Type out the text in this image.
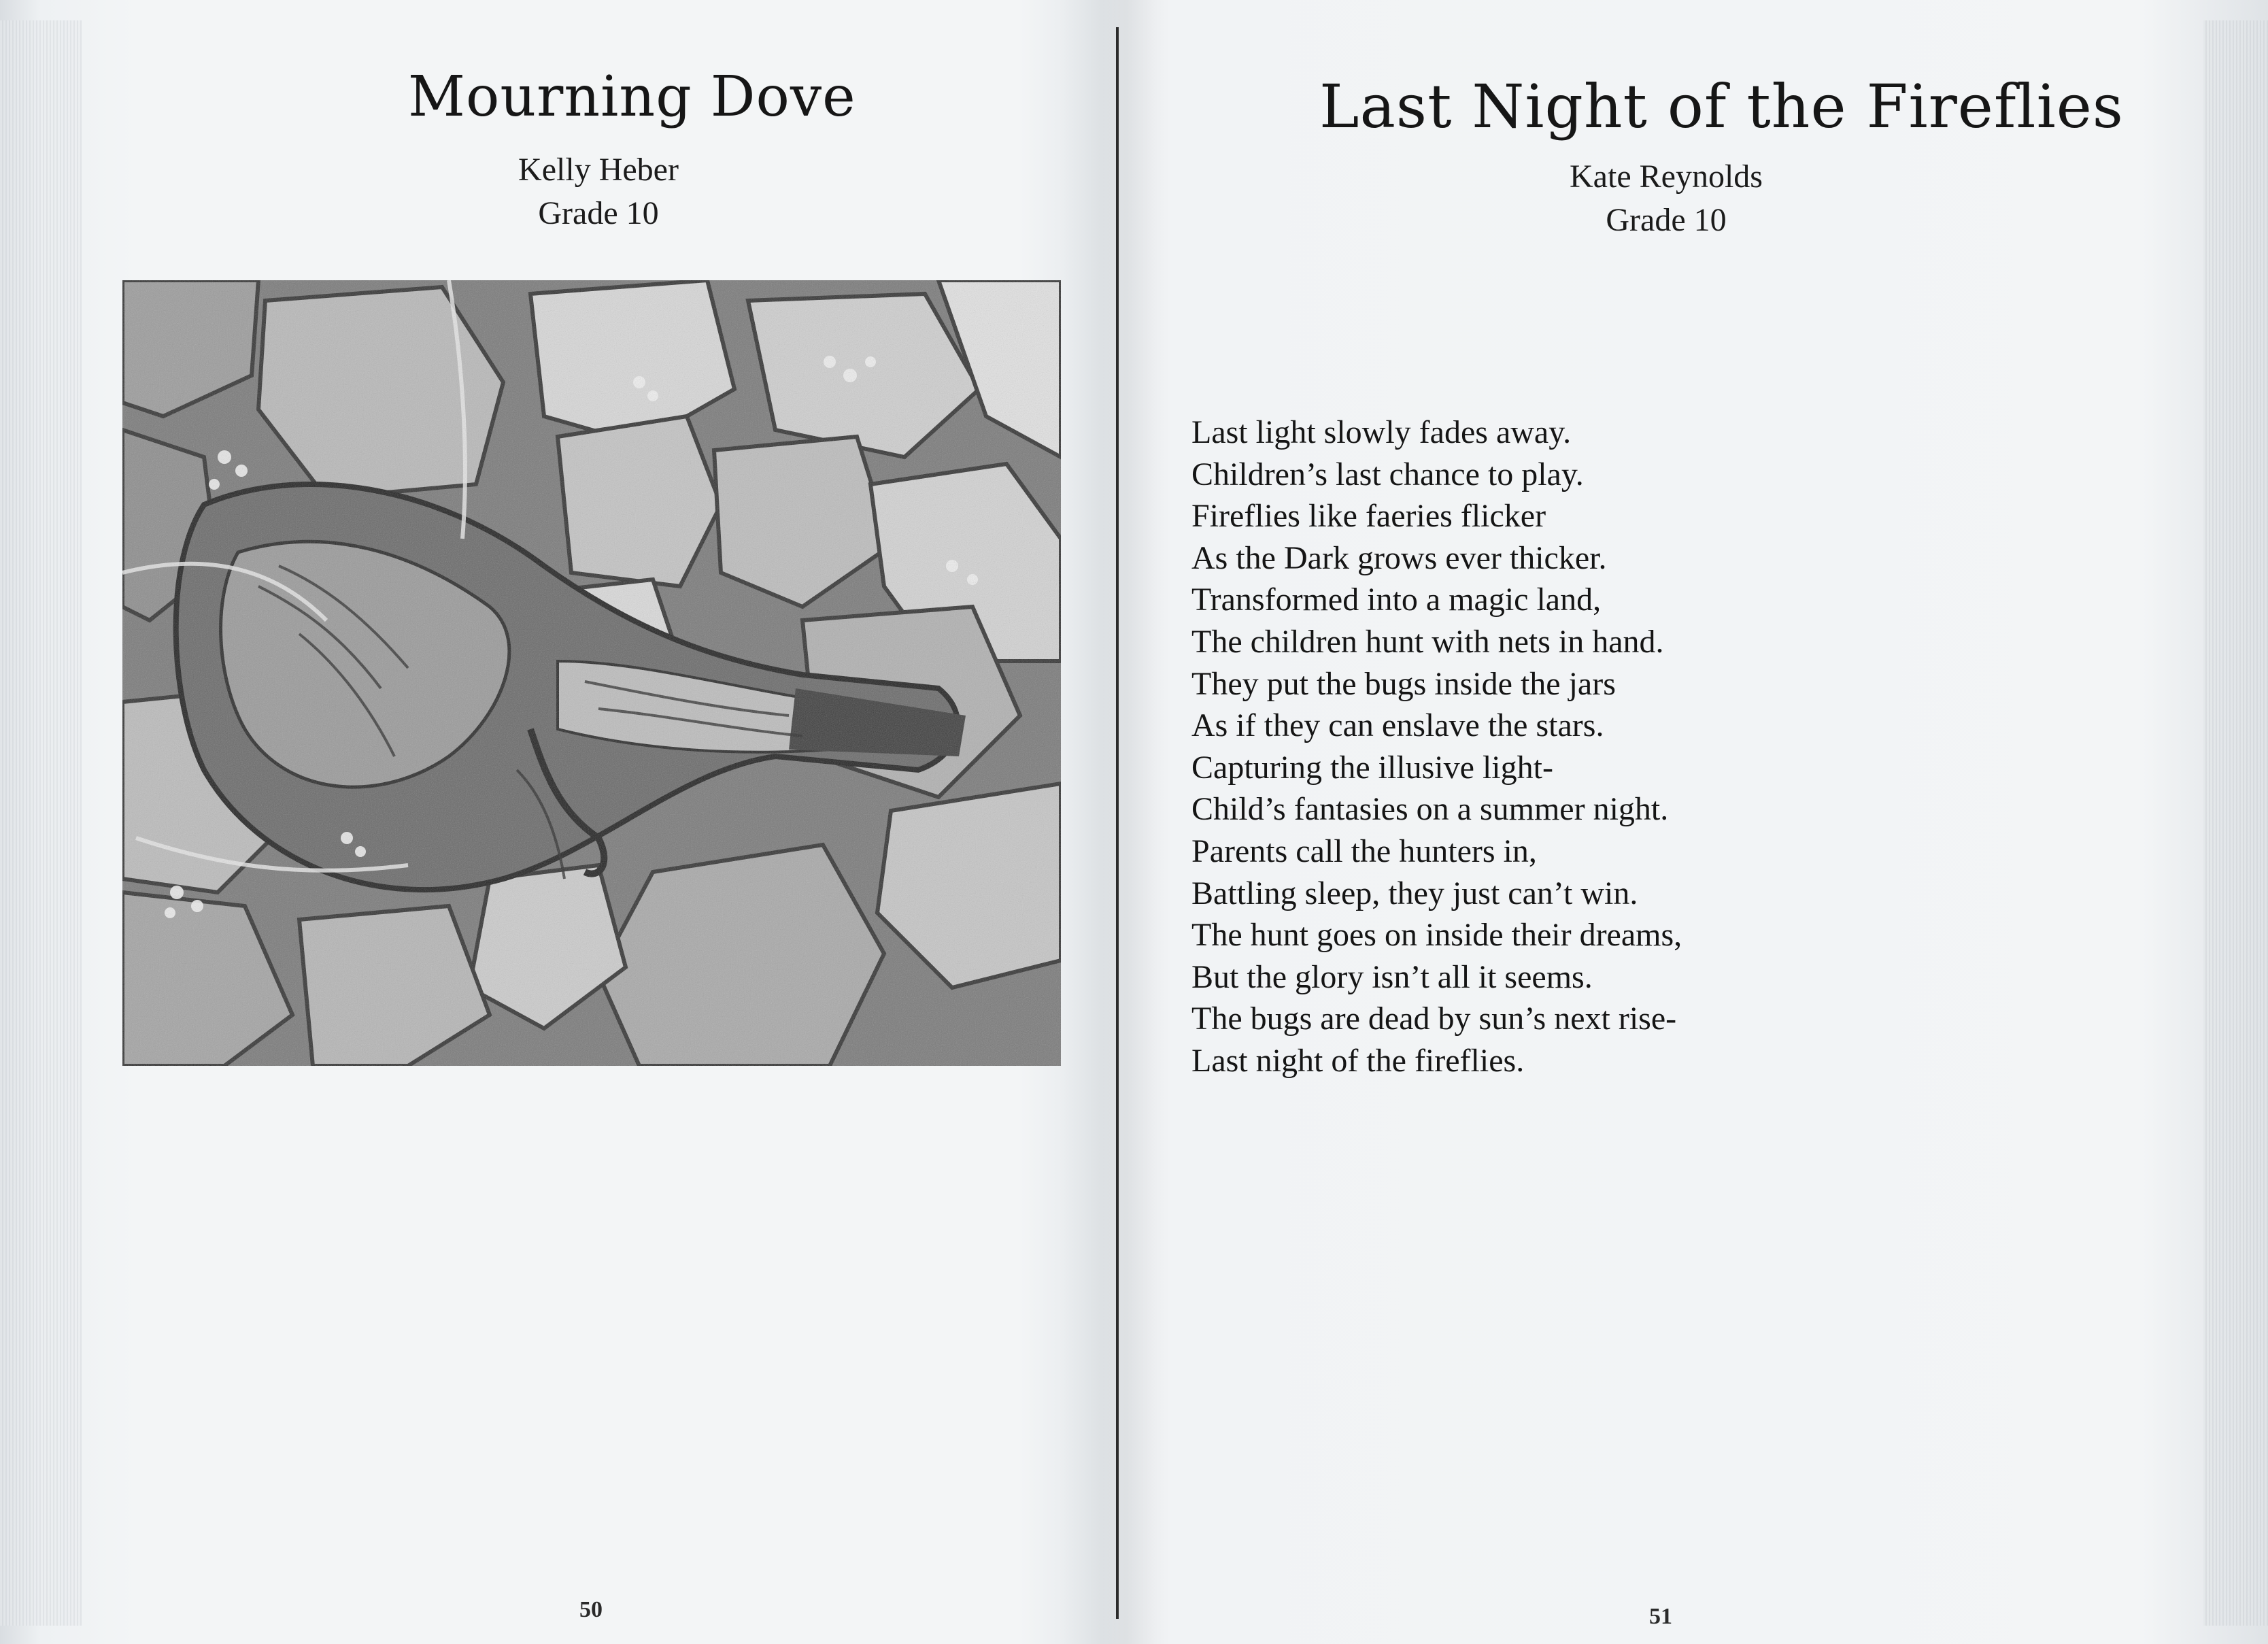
Mourning Dove
Kelly Heber
Grade 10
50
Last Night of the Fireflies
Kate Reynolds
Grade 10
Last light slowly fades away.
Children’s last chance to play.
Fireflies like faeries flicker
As the Dark grows ever thicker.
Transformed into a magic land,
The children hunt with nets in hand.
They put the bugs inside the jars
As if they can enslave the stars.
Capturing the illusive light-
Child’s fantasies on a summer night.
Parents call the hunters in,
Battling sleep, they just can’t win.
The hunt goes on inside their dreams,
But the glory isn’t all it seems.
The bugs are dead by sun’s next rise-
Last night of the fireflies.
51
